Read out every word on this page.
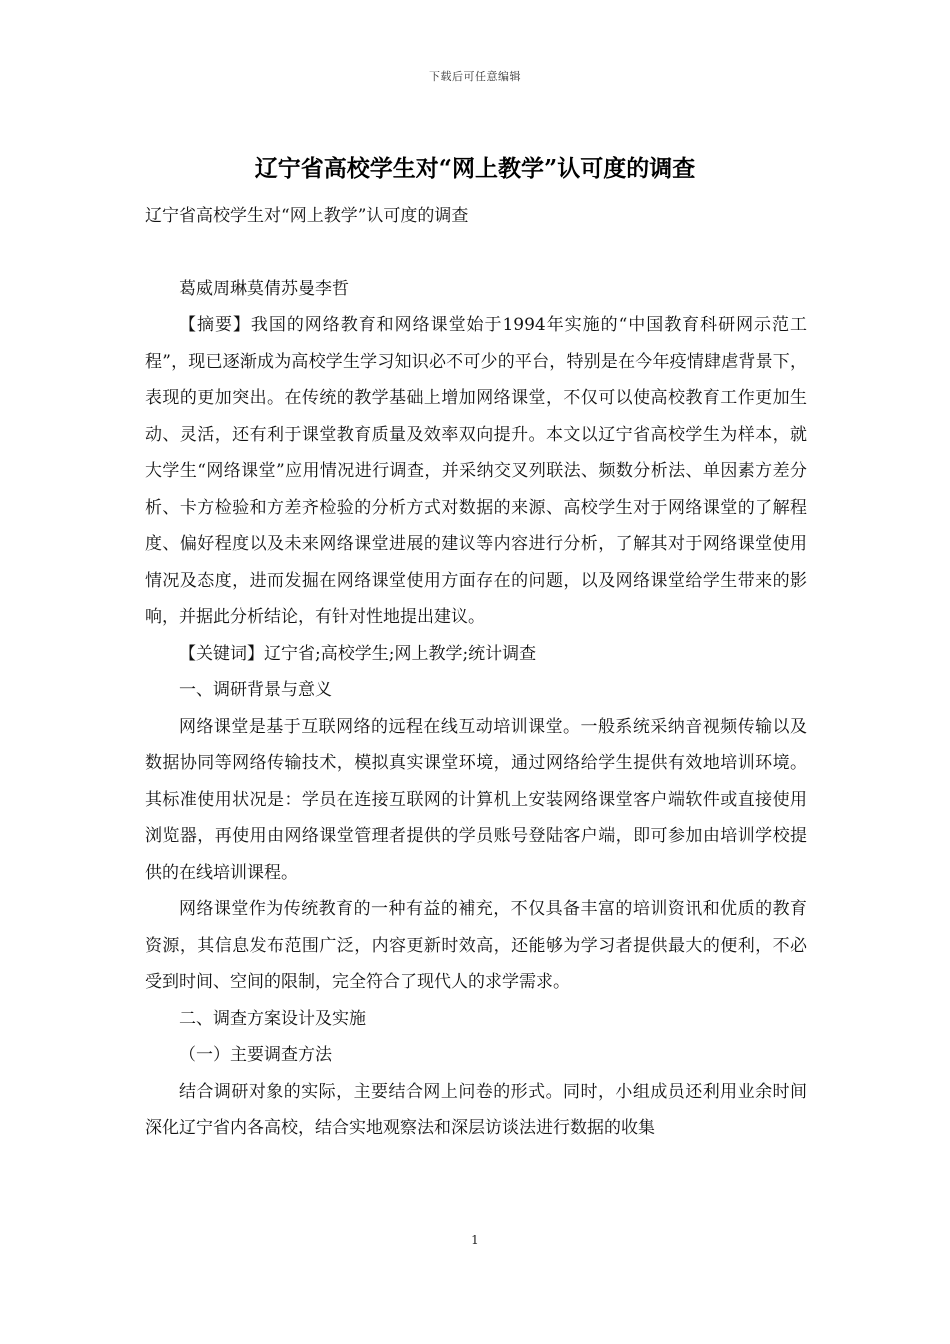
下载后可任意编辑
辽宁省高校学生对“网上教学”认可度的调查

辽宁省高校学生对“网上教学”认可度的调查

葛威周琳莫倩苏曼李哲

【摘要】我国的网络教育和网络课堂始于1994年实施的“中国教育科研网示范工程”，现已逐渐成为高校学生学习知识必不可少的平台，特别是在今年疫情肆虐背景下，表现的更加突出。在传统的教学基础上增加网络课堂，不仅可以使高校教育工作更加生动、灵活，还有利于课堂教育质量及效率双向提升。本文以辽宁省高校学生为样本，就大学生“网络课堂”应用情况进行调查，并采纳交叉列联法、频数分析法、单因素方差分析、卡方检验和方差齐检验的分析方式对数据的来源、高校学生对于网络课堂的了解程度、偏好程度以及未来网络课堂进展的建议等内容进行分析，了解其对于网络课堂使用情况及态度，进而发掘在网络课堂使用方面存在的问题，以及网络课堂给学生带来的影响，并据此分析结论，有针对性地提出建议。

【关键词】辽宁省;高校学生;网上教学;统计调查

一、调研背景与意义

网络课堂是基于互联网络的远程在线互动培训课堂。一般系统采纳音视频传输以及数据协同等网络传输技术，模拟真实课堂环境，通过网络给学生提供有效地培训环境。其标准使用状况是：学员在连接互联网的计算机上安装网络课堂客户端软件或直接使用浏览器，再使用由网络课堂管理者提供的学员账号登陆客户端，即可参加由培训学校提供的在线培训课程。

网络课堂作为传统教育的一种有益的補充，不仅具备丰富的培训资讯和优质的教育资源，其信息发布范围广泛，内容更新时效高，还能够为学习者提供最大的便利，不必受到时间、空间的限制，完全符合了现代人的求学需求。

二、调查方案设计及实施

（一）主要调查方法

结合调研对象的实际，主要结合网上问卷的形式。同时，小组成员还利用业余时间深化辽宁省内各高校，结合实地观察法和深层访谈法进行数据的收集

1
